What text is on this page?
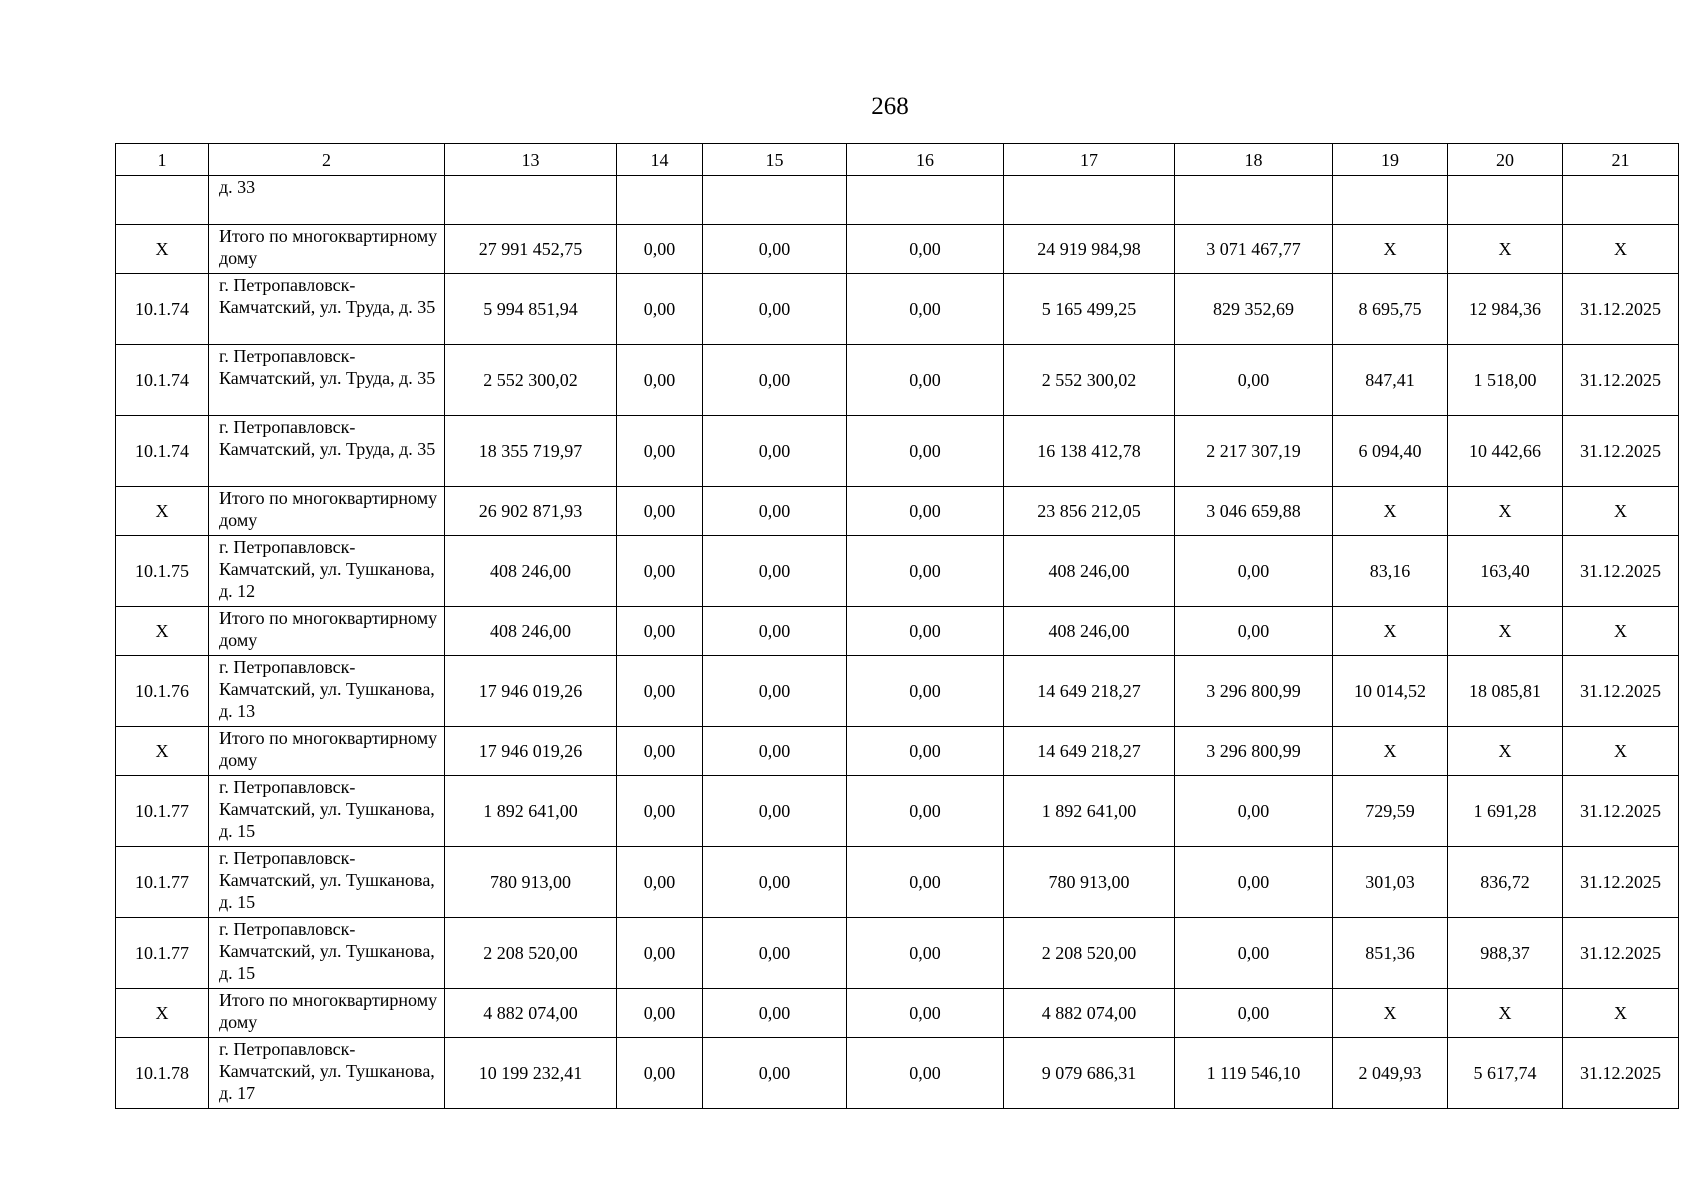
268
1	2	13	14	15	16	17	18	19	20	21
	д. 33									
X	Итого по многоквартирному дому	27 991 452,75	0,00	0,00	0,00	24 919 984,98	3 071 467,77	X	X	X
10.1.74	г. Петропавловск-Камчатский, ул. Труда, д. 35	5 994 851,94	0,00	0,00	0,00	5 165 499,25	829 352,69	8 695,75	12 984,36	31.12.2025
10.1.74	г. Петропавловск-Камчатский, ул. Труда, д. 35	2 552 300,02	0,00	0,00	0,00	2 552 300,02	0,00	847,41	1 518,00	31.12.2025
10.1.74	г. Петропавловск-Камчатский, ул. Труда, д. 35	18 355 719,97	0,00	0,00	0,00	16 138 412,78	2 217 307,19	6 094,40	10 442,66	31.12.2025
X	Итого по многоквартирному дому	26 902 871,93	0,00	0,00	0,00	23 856 212,05	3 046 659,88	X	X	X
10.1.75	г. Петропавловск-Камчатский, ул. Тушканова, д. 12	408 246,00	0,00	0,00	0,00	408 246,00	0,00	83,16	163,40	31.12.2025
X	Итого по многоквартирному дому	408 246,00	0,00	0,00	0,00	408 246,00	0,00	X	X	X
10.1.76	г. Петропавловск-Камчатский, ул. Тушканова, д. 13	17 946 019,26	0,00	0,00	0,00	14 649 218,27	3 296 800,99	10 014,52	18 085,81	31.12.2025
X	Итого по многоквартирному дому	17 946 019,26	0,00	0,00	0,00	14 649 218,27	3 296 800,99	X	X	X
10.1.77	г. Петропавловск-Камчатский, ул. Тушканова, д. 15	1 892 641,00	0,00	0,00	0,00	1 892 641,00	0,00	729,59	1 691,28	31.12.2025
10.1.77	г. Петропавловск-Камчатский, ул. Тушканова, д. 15	780 913,00	0,00	0,00	0,00	780 913,00	0,00	301,03	836,72	31.12.2025
10.1.77	г. Петропавловск-Камчатский, ул. Тушканова, д. 15	2 208 520,00	0,00	0,00	0,00	2 208 520,00	0,00	851,36	988,37	31.12.2025
X	Итого по многоквартирному дому	4 882 074,00	0,00	0,00	0,00	4 882 074,00	0,00	X	X	X
10.1.78	г. Петропавловск-Камчатский, ул. Тушканова, д. 17	10 199 232,41	0,00	0,00	0,00	9 079 686,31	1 119 546,10	2 049,93	5 617,74	31.12.2025
